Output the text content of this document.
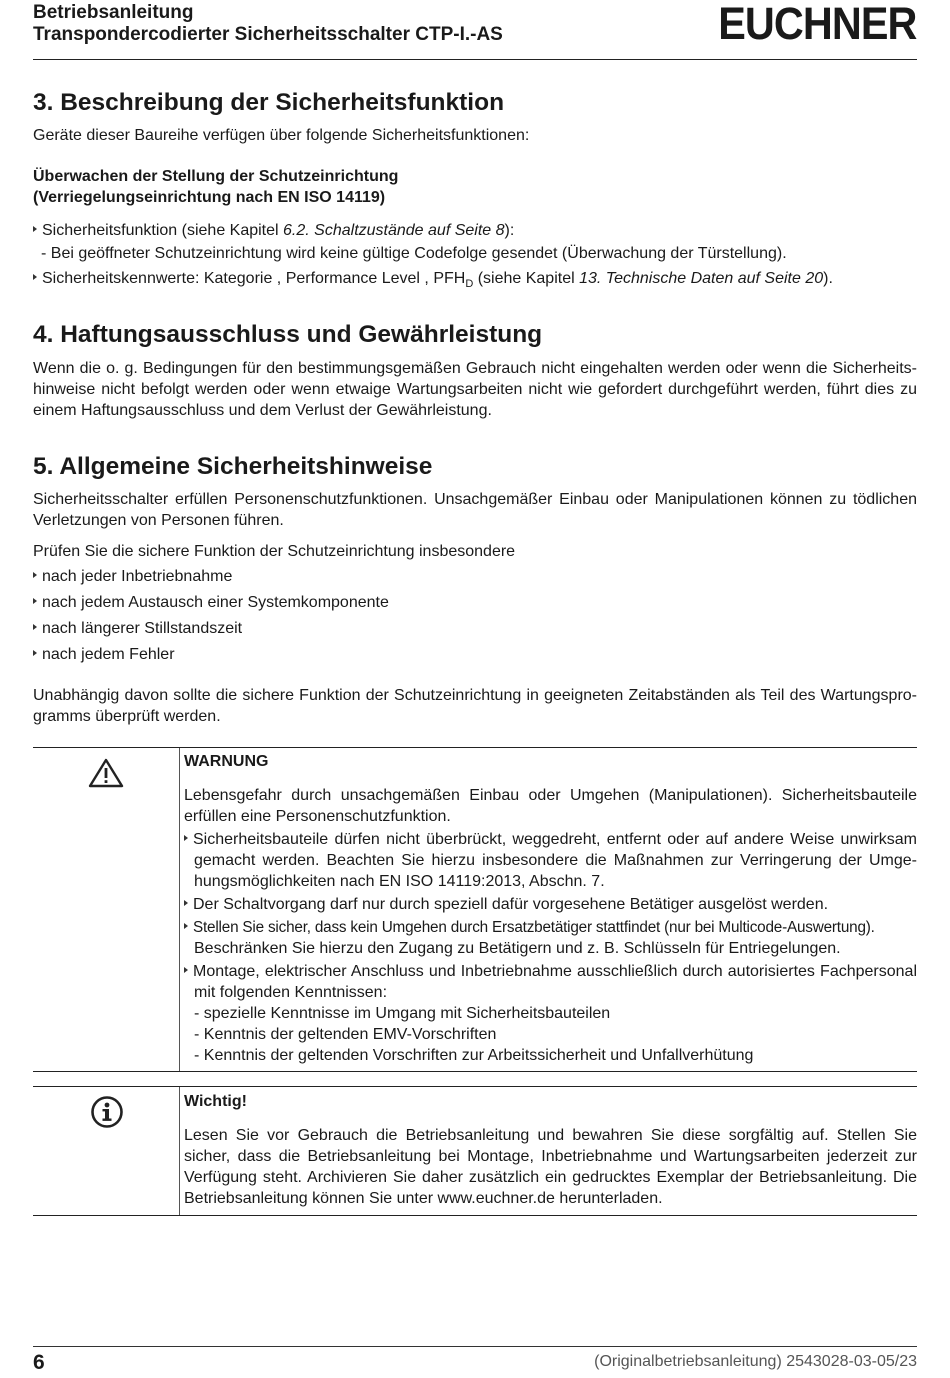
Betriebsanleitung
Transpondercodierter Sicherheitsschalter CTP-I.-AS	EUCHNER
3. Beschreibung der Sicherheitsfunktion
Geräte dieser Baureihe verfügen über folgende Sicherheitsfunktionen:
Überwachen der Stellung der Schutzeinrichtung
(Verriegelungseinrichtung nach EN ISO 14119)
Sicherheitsfunktion (siehe Kapitel 6.2. Schaltzustände auf Seite 8):
- Bei geöffneter Schutzeinrichtung wird keine gültige Codefolge gesendet (Überwachung der Türstellung).
Sicherheitskennwerte: Kategorie , Performance Level , $PFH_D$ (siehe Kapitel 13. Technische Daten auf Seite 20).
4. Haftungsausschluss und Gewährleistung
Wenn die o. g. Bedingungen für den bestimmungsgemäßen Gebrauch nicht eingehalten werden oder wenn die Sicherheits-
hinweise nicht befolgt werden oder wenn etwaige Wartungsarbeiten nicht wie gefordert durchgeführt werden, führt dies zu
einem Haftungsausschluss und dem Verlust der Gewährleistung.
5. Allgemeine Sicherheitshinweise
Sicherheitsschalter erfüllen Personenschutzfunktionen. Unsachgemäßer Einbau oder Manipulationen können zu tödlichen
Verletzungen von Personen führen.
Prüfen Sie die sichere Funktion der Schutzeinrichtung insbesondere
nach jeder Inbetriebnahme
nach jedem Austausch einer Systemkomponente
nach längerer Stillstandszeit
nach jedem Fehler
Unabhängig davon sollte die sichere Funktion der Schutzeinrichtung in geeigneten Zeitabständen als Teil des Wartungspro-
gramms überprüft werden.
WARNUNG
Lebensgefahr durch unsachgemäßen Einbau oder Umgehen (Manipulationen). Sicherheitsbauteile
erfüllen eine Personenschutzfunktion.
Sicherheitsbauteile dürfen nicht überbrückt, weggedreht, entfernt oder auf andere Weise unwirksam
gemacht werden. Beachten Sie hierzu insbesondere die Maßnahmen zur Verringerung der Umge-
hungsmöglichkeiten nach EN ISO 14119:2013, Abschn. 7.
Der Schaltvorgang darf nur durch speziell dafür vorgesehene Betätiger ausgelöst werden.
Stellen Sie sicher, dass kein Umgehen durch Ersatzbetätiger stattfindet (nur bei Multicode-Auswertung).
Beschränken Sie hierzu den Zugang zu Betätigern und z. B. Schlüsseln für Entriegelungen.
Montage, elektrischer Anschluss und Inbetriebnahme ausschließlich durch autorisiertes Fachpersonal
mit folgenden Kenntnissen:
- spezielle Kenntnisse im Umgang mit Sicherheitsbauteilen
- Kenntnis der geltenden EMV-Vorschriften
- Kenntnis der geltenden Vorschriften zur Arbeitssicherheit und Unfallverhütung
Wichtig!
Lesen Sie vor Gebrauch die Betriebsanleitung und bewahren Sie diese sorgfältig auf. Stellen Sie
sicher, dass die Betriebsanleitung bei Montage, Inbetriebnahme und Wartungsarbeiten jederzeit zur
Verfügung steht. Archivieren Sie daher zusätzlich ein gedrucktes Exemplar der Betriebsanleitung. Die
Betriebsanleitung können Sie unter www.euchner.de herunterladen.
6	(Originalbetriebsanleitung) 2543028-03-05/23
